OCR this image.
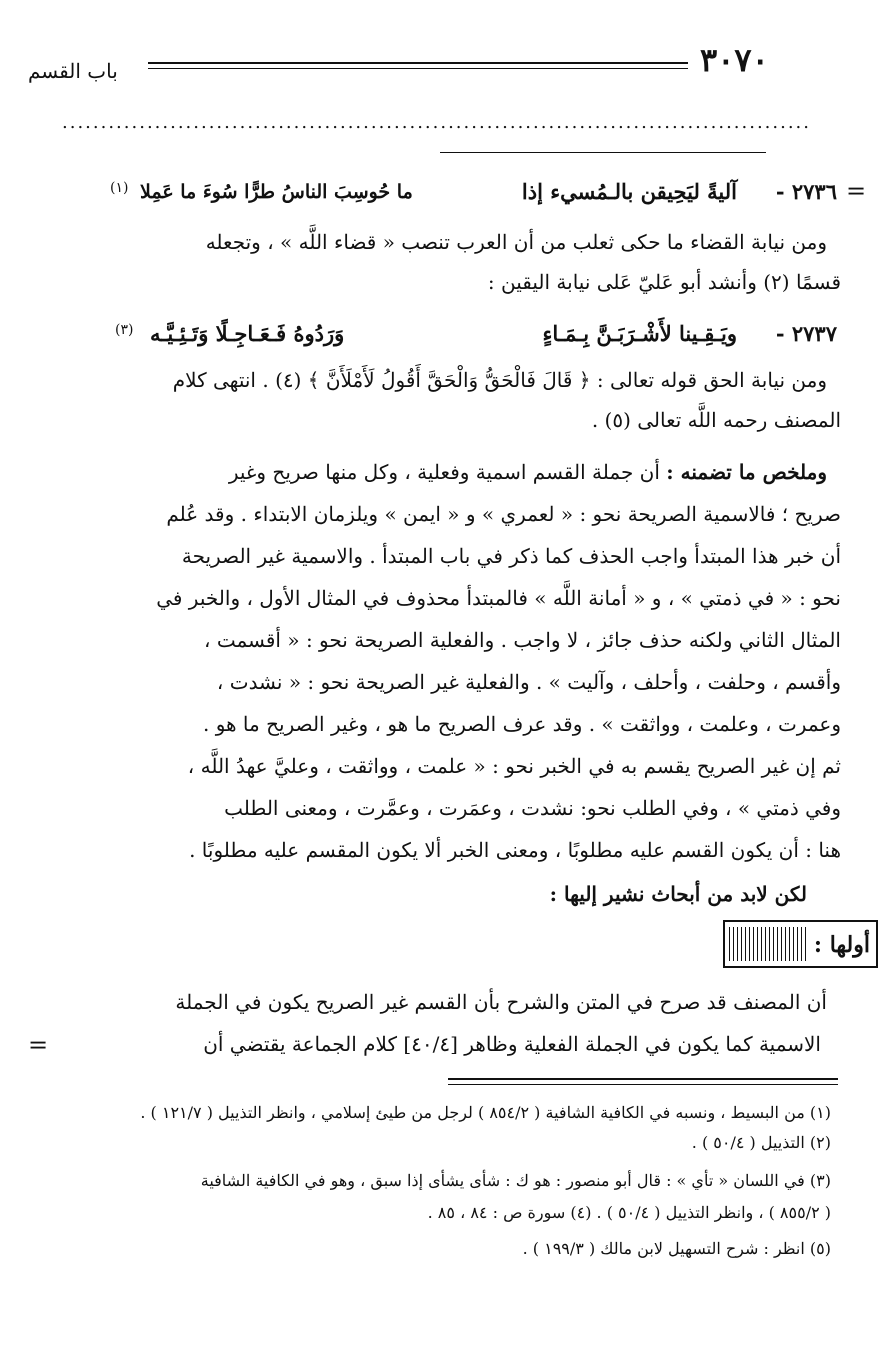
٣٠٧٠
باب القسم
.................................................................................................
=
٢٧٣٦ -
آليةً ليَحِيقن بالـمُسيء إذا
ما حُوسِبَ الناسُ طرًّا سُوءَ ما عَمِلا
(١)
ومن نيابة القضاء ما حكى ثعلب من أن العرب تنصب « قضاء اللَّه » ، وتجعله
قسمًا (٢) وأنشد أبو عَليّ عَلى نيابة اليقين :
٢٧٣٧ -
ويَـقِـينا لأَشْـرَبَـنَّ بِـمَـاءٍ
وَرَدُوهُ فَـعَـاجِـلًا وَتَـئِـيَّـه
(٣)
ومن نيابة الحق قوله تعالى : ﴿ قَالَ فَالْحَقُّ وَالْحَقَّ أَقُولُ لَأَمْلَأَنَّ ﴾ (٤) . انتهى كلام
المصنف رحمه اللَّه تعالى (٥) .
وملخص ما تضمنه : أن جملة القسم اسمية وفعلية ، وكل منها صريح وغير
صريح ؛ فالاسمية الصريحة نحو : « لعمري » و « ايمن » ويلزمان الابتداء . وقد عُلم
أن خبر هذا المبتدأ واجب الحذف كما ذكر في باب المبتدأ . والاسمية غير الصريحة
نحو : « في ذمتي » ، و « أمانة اللَّه » فالمبتدأ محذوف في المثال الأول ، والخبر في
المثال الثاني ولكنه حذف جائز ، لا واجب . والفعلية الصريحة نحو : « أقسمت ،
وأقسم ، وحلفت ، وأحلف ، وآليت » . والفعلية غير الصريحة نحو : « نشدت ،
وعمرت ، وعلمت ، وواثقت » . وقد عرف الصريح ما هو ، وغير الصريح ما هو .
ثم إن غير الصريح يقسم به في الخبر نحو : « علمت ، وواثقت ، وعليَّ عهدُ اللَّه ،
وفي ذمتي » ، وفي الطلب نحو: نشدت ، وعمَرت ، وعمَّرت ، ومعنى الطلب
هنا : أن يكون القسم عليه مطلوبًا ، ومعنى الخبر ألا يكون المقسم عليه مطلوبًا .
لكن لابد من أبحاث نشير إليها :
أولها :
أن المصنف قد صرح في المتن والشرح بأن القسم غير الصريح يكون في الجملة
الاسمية كما يكون في الجملة الفعلية وظاهر [٤٠/٤] كلام الجماعة يقتضي أن
=
(١) من البسيط ، ونسبه في الكافية الشافية ( ٨٥٤/٢ ) لرجل من طيئ إسلامي ، وانظر التذييل ( ١٢١/٧ ) .
(٢) التذييل ( ٥٠/٤ ) .
(٣) في اللسان « تأي » : قال أبو منصور : هو ك : شأى يشأى إذا سبق ، وهو في الكافية الشافية
( ٨٥٥/٢ ) ، وانظر التذييل ( ٥٠/٤ ) . (٤) سورة ص : ٨٤ ، ٨٥ .
(٥) انظر : شرح التسهيل لابن مالك ( ١٩٩/٣ ) .
